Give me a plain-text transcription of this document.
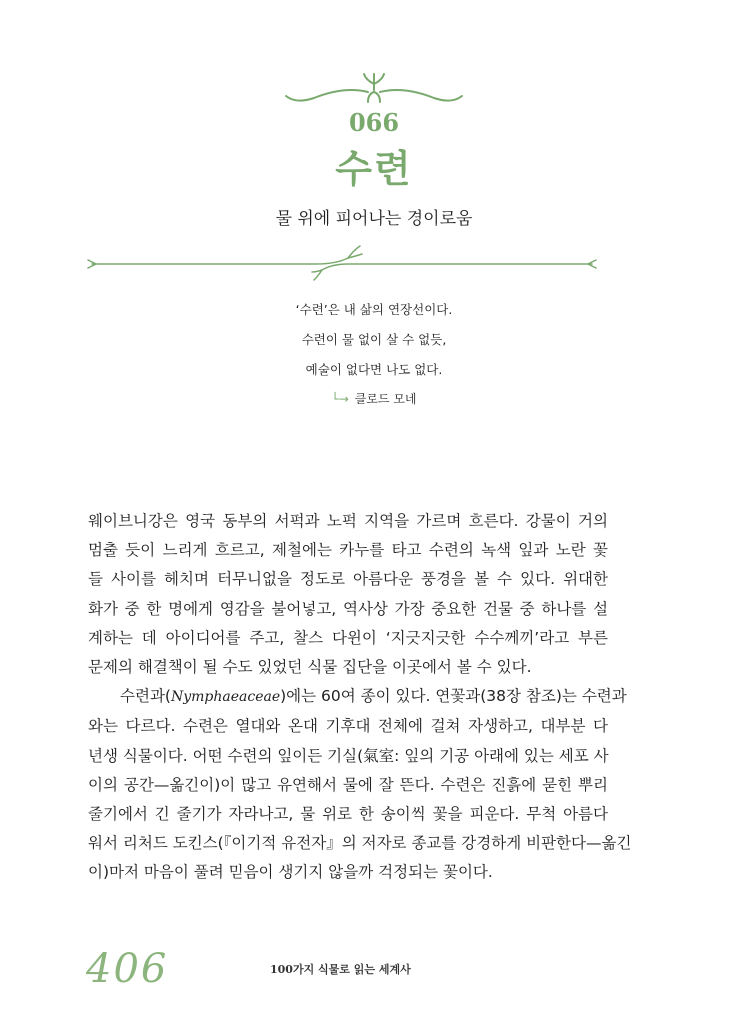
066
수련
물 위에 피어나는 경이로움
‘수련’은 내 삶의 연장선이다.
수련이 물 없이 살 수 없듯,
예술이 없다면 나도 없다.
└→ 클로드 모네
웨이브니강은 영국 동부의 서퍽과 노퍽 지역을 가르며 흐른다. 강물이 거의
멈출 듯이 느리게 흐르고, 제철에는 카누를 타고 수련의 녹색 잎과 노란 꽃
들 사이를 헤치며 터무니없을 정도로 아름다운 풍경을 볼 수 있다. 위대한
화가 중 한 명에게 영감을 불어넣고, 역사상 가장 중요한 건물 중 하나를 설
계하는 데 아이디어를 주고, 찰스 다윈이 ‘지긋지긋한 수수께끼’라고 부른
문제의 해결책이 될 수도 있었던 식물 집단을 이곳에서 볼 수 있다.
수련과(Nymphaeaceae)에는 60여 종이 있다. 연꽃과(38장 참조)는 수련과
와는 다르다. 수련은 열대와 온대 기후대 전체에 걸쳐 자생하고, 대부분 다
년생 식물이다. 어떤 수련의 잎이든 기실(氣室: 잎의 기공 아래에 있는 세포 사
이의 공간—옮긴이)이 많고 유연해서 물에 잘 뜬다. 수련은 진흙에 묻힌 뿌리
줄기에서 긴 줄기가 자라나고, 물 위로 한 송이씩 꽃을 피운다. 무척 아름다
워서 리처드 도킨스(『이기적 유전자』의 저자로 종교를 강경하게 비판한다—옮긴
이)마저 마음이 풀려 믿음이 생기지 않을까 걱정되는 꽃이다.
406	100가지 식물로 읽는 세계사
